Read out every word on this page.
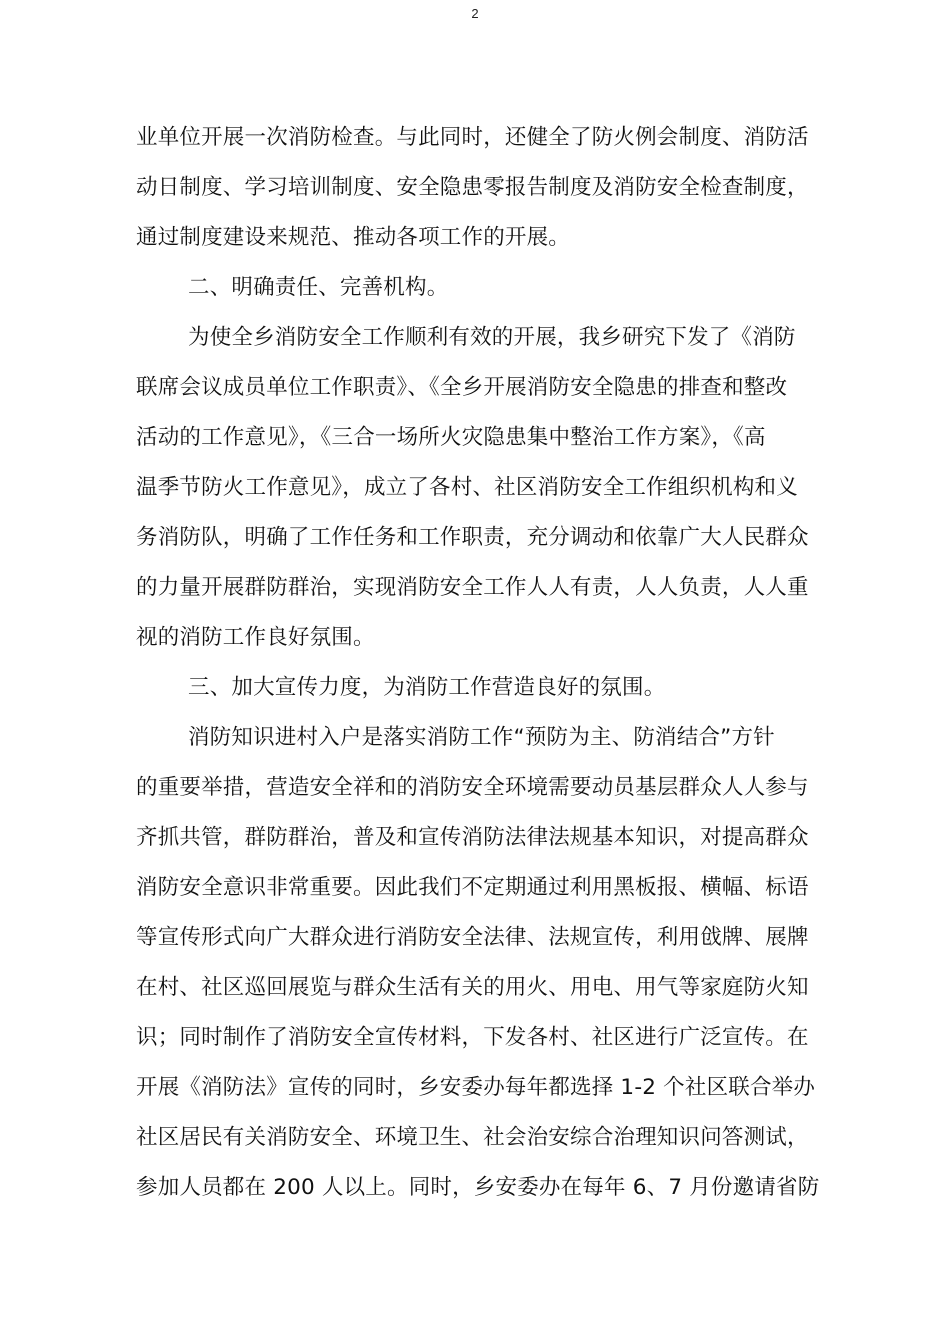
2
业单位开展一次消防检查。与此同时，还健全了防火例会制度、消防活
动日制度、学习培训制度、安全隐患零报告制度及消防安全检查制度，
通过制度建设来规范、推动各项工作的开展。
二、明确责任、完善机构。
为使全乡消防安全工作顺利有效的开展，我乡研究下发了《消防
联席会议成员单位工作职责》、《全乡开展消防安全隐患的排查和整改
活动的工作意见》，《三合一场所火灾隐患集中整治工作方案》，《高
温季节防火工作意见》，成立了各村、社区消防安全工作组织机构和义
务消防队，明确了工作任务和工作职责，充分调动和依靠广大人民群众
的力量开展群防群治，实现消防安全工作人人有责，人人负责，人人重
视的消防工作良好氛围。
三、加大宣传力度，为消防工作营造良好的氛围。
消防知识进村入户是落实消防工作“预防为主、防消结合”方针
的重要举措，营造安全祥和的消防安全环境需要动员基层群众人人参与
齐抓共管，群防群治，普及和宣传消防法律法规基本知识，对提高群众
消防安全意识非常重要。因此我们不定期通过利用黑板报、横幅、标语
等宣传形式向广大群众进行消防安全法律、法规宣传，利用戗牌、展牌
在村、社区巡回展览与群众生活有关的用火、用电、用气等家庭防火知
识；同时制作了消防安全宣传材料，下发各村、社区进行广泛宣传。在
开展《消防法》宣传的同时，乡安委办每年都选择 1-2 个社区联合举办
社区居民有关消防安全、环境卫生、社会治安综合治理知识问答测试，
参加人员都在 200 人以上。同时，乡安委办在每年 6、7 月份邀请省防
